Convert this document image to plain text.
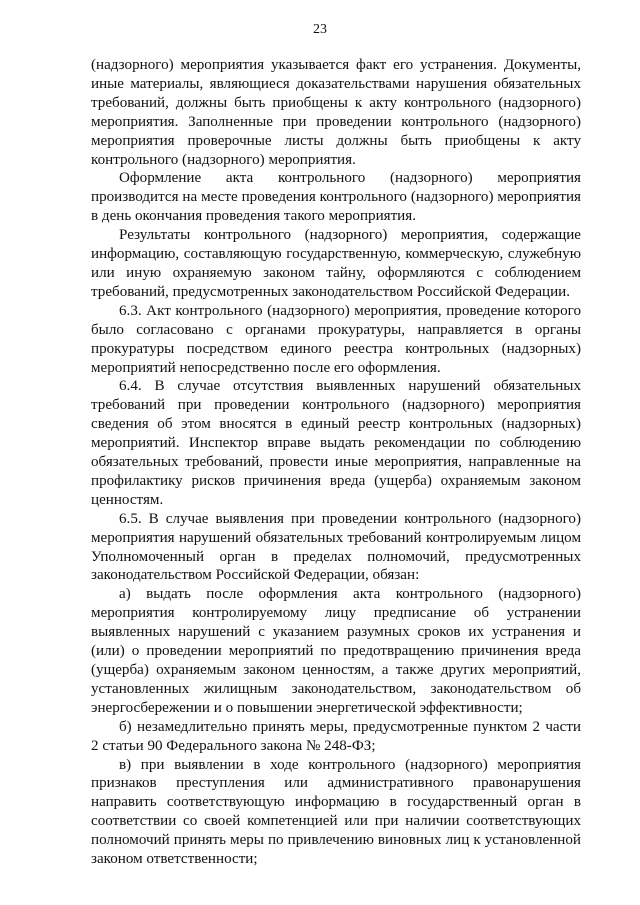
23

(надзорного) мероприятия указывается факт его устранения. Документы, иные материалы, являющиеся доказательствами нарушения обязательных требований, должны быть приобщены к акту контрольного (надзорного) мероприятия. Заполненные при проведении контрольного (надзорного) мероприятия проверочные листы должны быть приобщены к акту контрольного (надзорного) мероприятия.

Оформление акта контрольного (надзорного) мероприятия производится на месте проведения контрольного (надзорного) мероприятия в день окончания проведения такого мероприятия.

Результаты контрольного (надзорного) мероприятия, содержащие информацию, составляющую государственную, коммерческую, служебную или иную охраняемую законом тайну, оформляются с соблюдением требований, предусмотренных законодательством Российской Федерации.

6.3. Акт контрольного (надзорного) мероприятия, проведение которого было согласовано с органами прокуратуры, направляется в органы прокуратуры посредством единого реестра контрольных (надзорных) мероприятий непосредственно после его оформления.

6.4. В случае отсутствия выявленных нарушений обязательных требований при проведении контрольного (надзорного) мероприятия сведения об этом вносятся в единый реестр контрольных (надзорных) мероприятий. Инспектор вправе выдать рекомендации по соблюдению обязательных требований, провести иные мероприятия, направленные на профилактику рисков причинения вреда (ущерба) охраняемым законом ценностям.

6.5. В случае выявления при проведении контрольного (надзорного) мероприятия нарушений обязательных требований контролируемым лицом Уполномоченный орган в пределах полномочий, предусмотренных законодательством Российской Федерации, обязан:

а) выдать после оформления акта контрольного (надзорного) мероприятия контролируемому лицу предписание об устранении выявленных нарушений с указанием разумных сроков их устранения и (или) о проведении мероприятий по предотвращению причинения вреда (ущерба) охраняемым законом ценностям, а также других мероприятий, установленных жилищным законодательством, законодательством об энергосбережении и о повышении энергетической эффективности;

б) незамедлительно принять меры, предусмотренные пунктом 2 части 2 статьи 90 Федерального закона № 248-ФЗ;

в) при выявлении в ходе контрольного (надзорного) мероприятия признаков преступления или административного правонарушения направить соответствующую информацию в государственный орган в соответствии со своей компетенцией или при наличии соответствующих полномочий принять меры по привлечению виновных лиц к установленной законом ответственности;
